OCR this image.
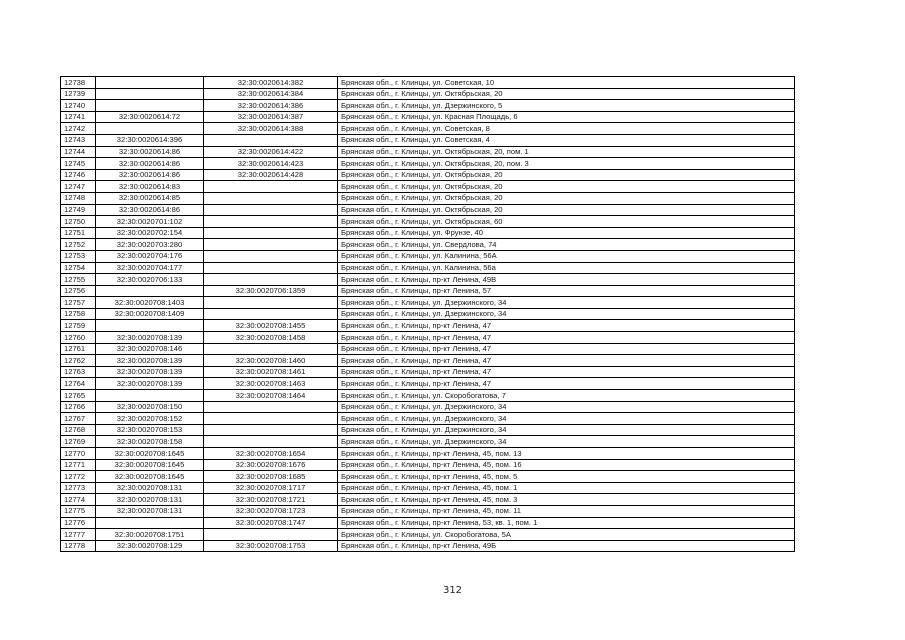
12738		32:30:0020614:382	Брянская обл., г. Клинцы, ул. Советская, 10
12739		32:30:0020614:384	Брянская обл., г. Клинцы, ул. Октябрьская, 20
12740		32:30:0020614:386	Брянская обл., г. Клинцы, ул. Дзержинского, 5
12741	32:30:0020614:72	32:30:0020614:387	Брянская обл., г. Клинцы, ул. Красная Площадь, 6
12742		32:30:0020614:388	Брянская обл., г. Клинцы, ул. Советская, 8
12743	32:30:0020614:396		Брянская обл., г. Клинцы, ул. Советская, 4
12744	32:30:0020614:86	32:30:0020614:422	Брянская обл., г. Клинцы, ул. Октябрьская, 20, пом. 1
12745	32:30:0020614:86	32:30:0020614:423	Брянская обл., г. Клинцы, ул. Октябрьская, 20, пом. 3
12746	32:30:0020614:86	32:30:0020614:428	Брянская обл., г. Клинцы, ул. Октябрьская, 20
12747	32:30:0020614:83		Брянская обл., г. Клинцы, ул. Октябрьская, 20
12748	32:30:0020614:85		Брянская обл., г. Клинцы, ул. Октябрьская, 20
12749	32:30:0020614:86		Брянская обл., г. Клинцы, ул. Октябрьская, 20
12750	32:30:0020701:102		Брянская обл., г. Клинцы, ул. Октябрьская, 60
12751	32:30:0020702:154		Брянская обл., г. Клинцы, ул. Фрунзе, 40
12752	32:30:0020703:280		Брянская обл., г. Клинцы, ул. Свердлова, 74
12753	32:30:0020704:176		Брянская обл., г. Клинцы, ул. Калинина, 56А
12754	32:30:0020704:177		Брянская обл., г. Клинцы, ул. Калинина, 56а
12755	32:30:0020706:133		Брянская обл., г. Клинцы, пр-кт Ленина, 49В
12756		32:30:0020706:1359	Брянская обл., г. Клинцы, пр-кт Ленина, 57
12757	32:30:0020708:1403		Брянская обл., г. Клинцы, ул. Дзержинского, 34
12758	32:30:0020708:1409		Брянская обл., г. Клинцы, ул. Дзержинского, 34
12759		32:30:0020708:1455	Брянская обл., г. Клинцы, пр-кт Ленина, 47
12760	32:30:0020708:139	32:30:0020708:1458	Брянская обл., г. Клинцы, пр-кт Ленина, 47
12761	32:30:0020708:146		Брянская обл., г. Клинцы, пр-кт Ленина, 47
12762	32:30:0020708:139	32:30:0020708:1460	Брянская обл., г. Клинцы, пр-кт Ленина, 47
12763	32:30:0020708:139	32:30:0020708:1461	Брянская обл., г. Клинцы, пр-кт Ленина, 47
12764	32:30:0020708:139	32:30:0020708:1463	Брянская обл., г. Клинцы, пр-кт Ленина, 47
12765		32:30:0020708:1464	Брянская обл., г. Клинцы, ул. Скоробогатова, 7
12766	32:30:0020708:150		Брянская обл., г. Клинцы, ул. Дзержинского, 34
12767	32:30:0020708:152		Брянская обл., г. Клинцы, ул. Дзержинского, 34
12768	32:30:0020708:153		Брянская обл., г. Клинцы, ул. Дзержинского, 34
12769	32:30:0020708:158		Брянская обл., г. Клинцы, ул. Дзержинского, 34
12770	32:30:0020708:1645	32:30:0020708:1654	Брянская обл., г. Клинцы, пр-кт Ленина, 45, пом. 13
12771	32:30:0020708:1645	32:30:0020708:1676	Брянская обл., г. Клинцы, пр-кт Ленина, 45, пом. 16
12772	32:30:0020708:1645	32:30:0020708:1685	Брянская обл., г. Клинцы, пр-кт Ленина, 45, пом. 5
12773	32:30:0020708:131	32:30:0020708:1717	Брянская обл., г. Клинцы, пр-кт Ленина, 45, пом. 1
12774	32:30:0020708:131	32:30:0020708:1721	Брянская обл., г. Клинцы, пр-кт Ленина, 45, пом. 3
12775	32:30:0020708:131	32:30:0020708:1723	Брянская обл., г. Клинцы, пр-кт Ленина, 45, пом. 11
12776		32:30:0020708:1747	Брянская обл., г. Клинцы, пр-кт Ленина, 53, кв. 1, пом. 1
12777	32:30:0020708:1751		Брянская обл., г. Клинцы, ул. Скоробогатова, 5А
12778	32:30:0020708:129	32:30:0020708:1753	Брянская обл., г. Клинцы, пр-кт Ленина, 49Б
312
